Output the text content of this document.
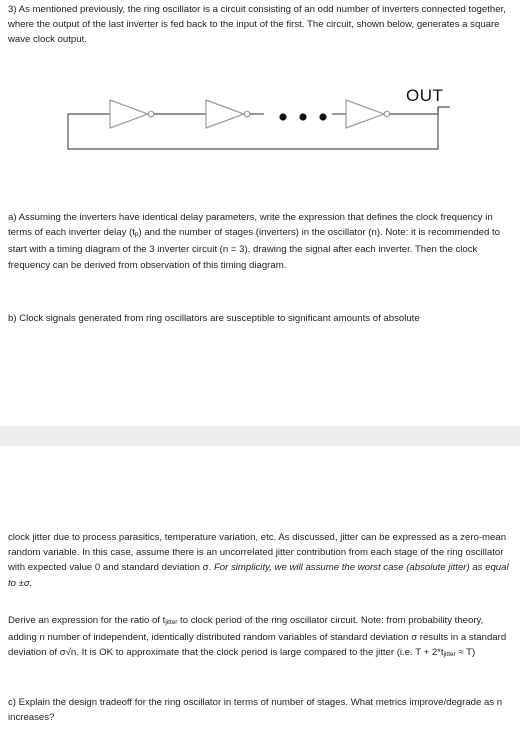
3) As mentioned previously, the ring oscillator is a circuit consisting of an odd number of inverters connected together, where the output of the last inverter is fed back to the input of the first. The circuit, shown below, generates a square wave clock output.

OUT

a) Assuming the inverters have identical delay parameters, write the expression that defines the clock frequency in terms of each inverter delay (tp) and the number of stages (inverters) in the oscillator (n). Note: it is recommended to start with a timing diagram of the 3 inverter circuit (n = 3), drawing the signal after each inverter. Then the clock frequency can be derived from observation of this timing diagram.

b) Clock signals generated from ring oscillators are susceptible to significant amounts of absolute

clock jitter due to process parasitics, temperature variation, etc. As discussed, jitter can be expressed as a zero-mean random variable. In this case, assume there is an uncorrelated jitter contribution from each stage of the ring oscillator with expected value 0 and standard deviation σ. For simplicity, we will assume the worst case (absolute jitter) as equal to ±σ.

Derive an expression for the ratio of tjitter to clock period of the ring oscillator circuit. Note: from probability theory, adding n number of independent, identically distributed random variables of standard deviation σ results in a standard deviation of σ√n. It is OK to approximate that the clock period is large compared to the jitter (i.e. T + 2*tjitter ≈ T)

c) Explain the design tradeoff for the ring oscillator in terms of number of stages. What metrics improve/degrade as n increases?
